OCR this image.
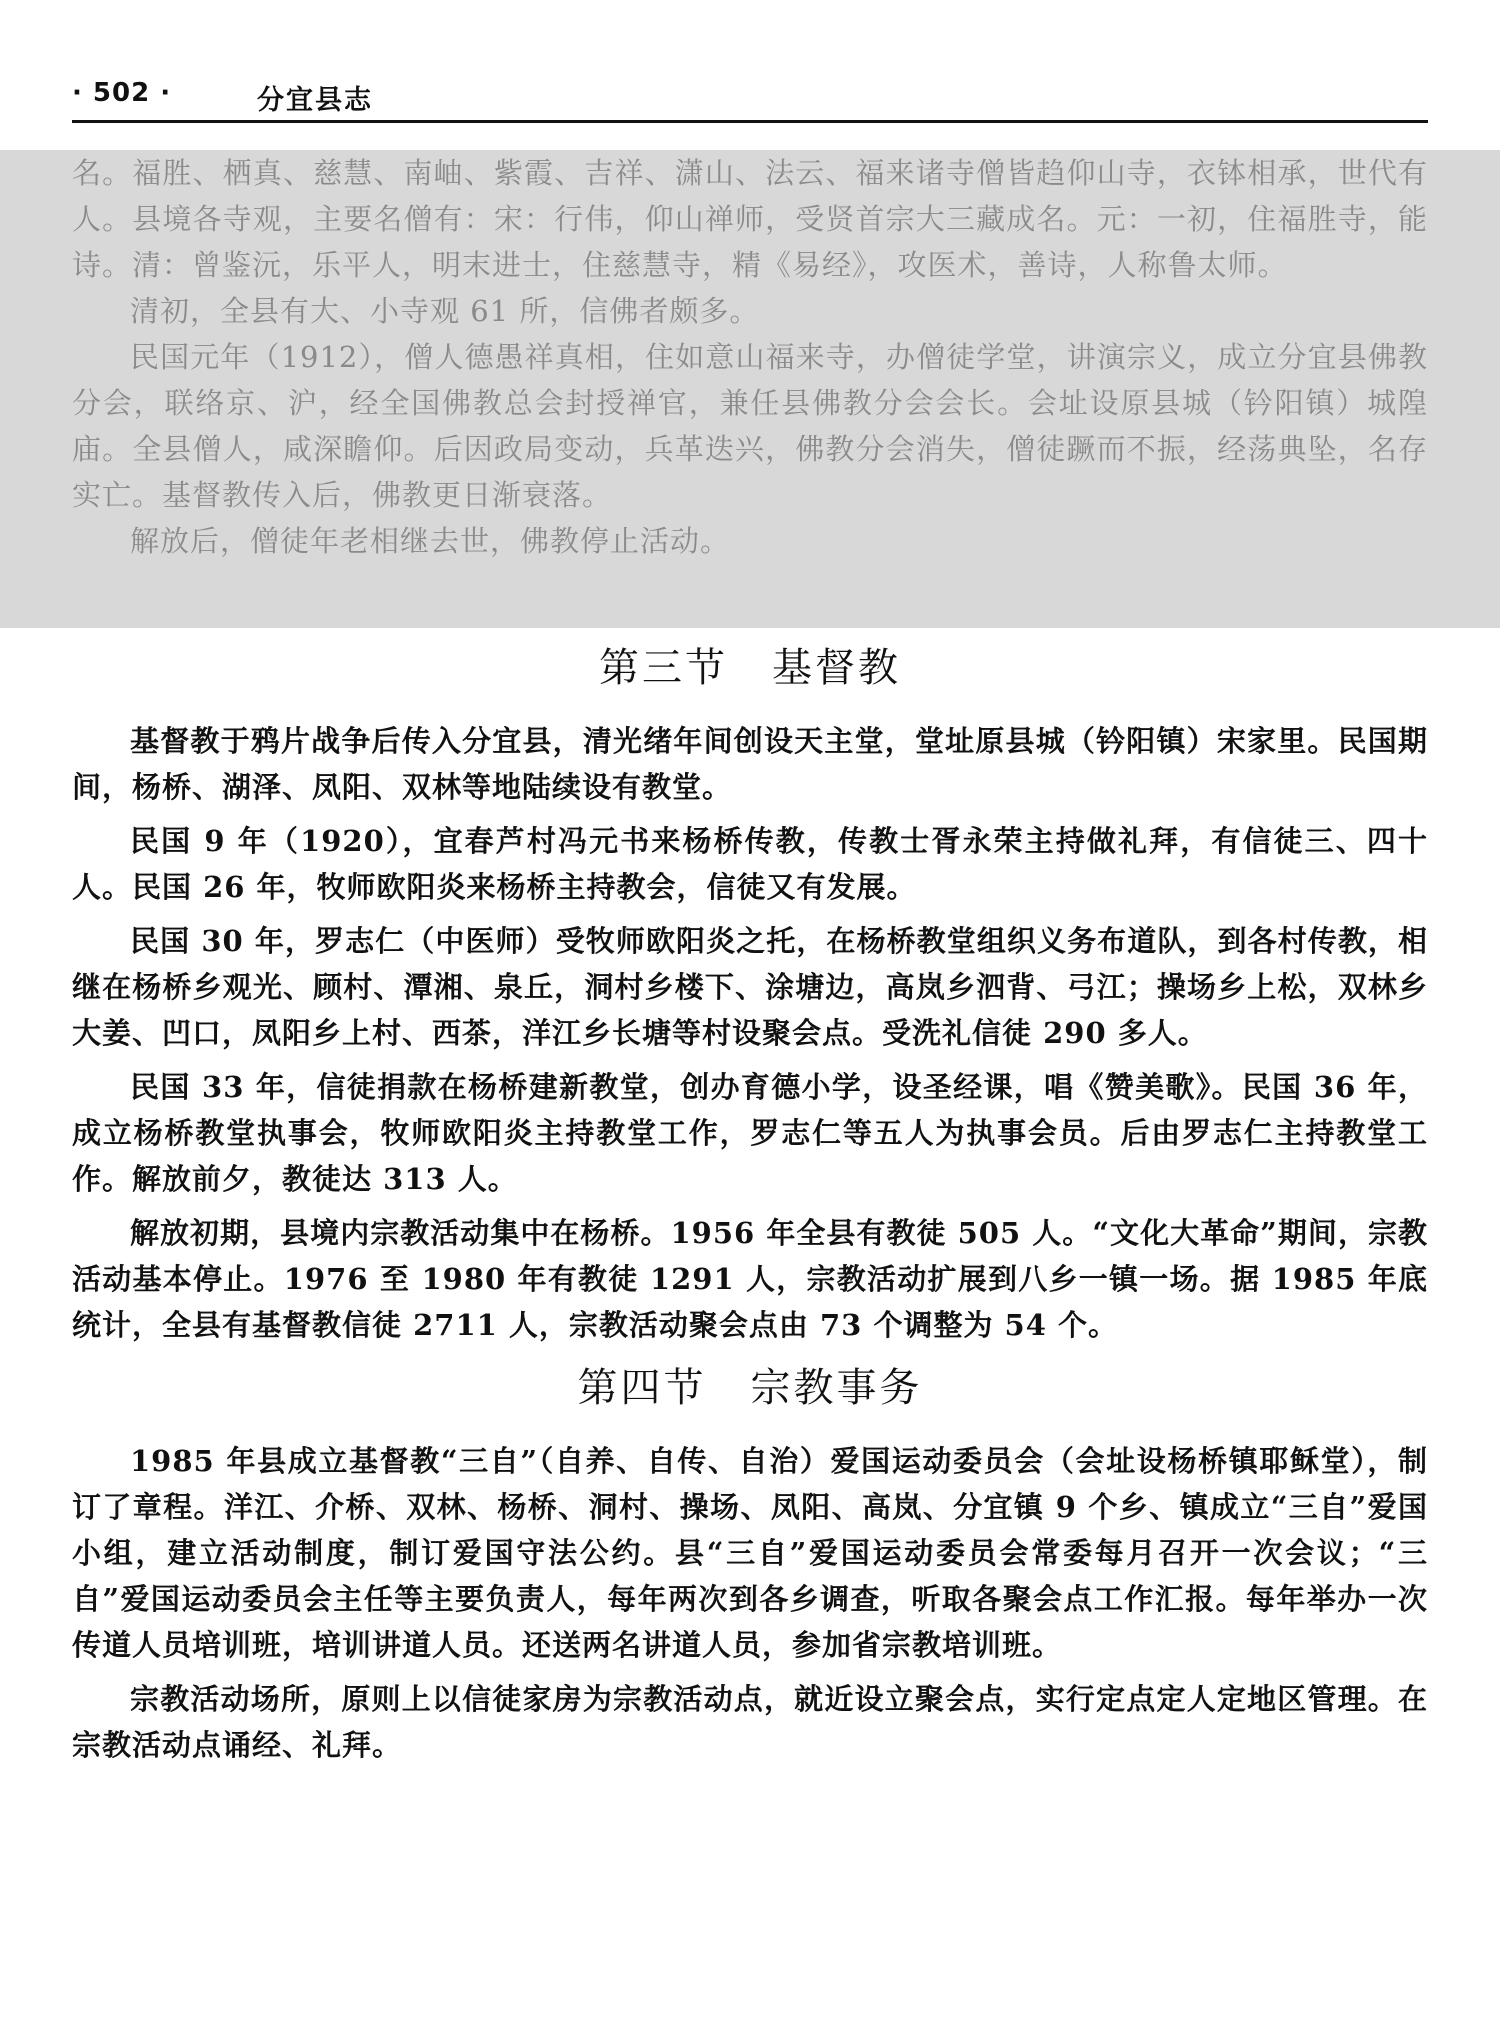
· 502 ·	分宜县志

名。福胜、栖真、慈慧、南岫、紫霞、吉祥、潇山、法云、福来诸寺僧皆趋仰山寺，衣钵相承，世代有人。县境各寺观，主要名僧有：宋：行伟，仰山禅师，受贤首宗大三藏成名。元：一初，住福胜寺，能诗。清：曾鉴沅，乐平人，明末进士，住慈慧寺，精《易经》，攻医术，善诗，人称鲁太师。

清初，全县有大、小寺观 61 所，信佛者颇多。

民国元年（1912），僧人德愚祥真相，住如意山福来寺，办僧徒学堂，讲演宗义，成立分宜县佛教分会，联络京、沪，经全国佛教总会封授禅官，兼任县佛教分会会长。会址设原县城（钤阳镇）城隍庙。全县僧人，咸深瞻仰。后因政局变动，兵革迭兴，佛教分会消失，僧徒蹶而不振，经荡典坠，名存实亡。基督教传入后，佛教更日渐衰落。

解放后，僧徒年老相继去世，佛教停止活动。

第三节 基督教

基督教于鸦片战争后传入分宜县，清光绪年间创设天主堂，堂址原县城（钤阳镇）宋家里。民国期间，杨桥、湖泽、凤阳、双林等地陆续设有教堂。

民国 9 年（1920），宜春芦村冯元书来杨桥传教，传教士胥永荣主持做礼拜，有信徒三、四十人。民国 26 年，牧师欧阳炎来杨桥主持教会，信徒又有发展。

民国 30 年，罗志仁（中医师）受牧师欧阳炎之托，在杨桥教堂组织义务布道队，到各村传教，相继在杨桥乡观光、顾村、潭湘、泉丘，洞村乡楼下、涂塘边，高岚乡泗背、弓江；操场乡上松，双林乡大姜、凹口，凤阳乡上村、西茶，洋江乡长塘等村设聚会点。受洗礼信徒 290 多人。

民国 33 年，信徒捐款在杨桥建新教堂，创办育德小学，设圣经课，唱《赞美歌》。民国 36 年，成立杨桥教堂执事会，牧师欧阳炎主持教堂工作，罗志仁等五人为执事会员。后由罗志仁主持教堂工作。解放前夕，教徒达 313 人。

解放初期，县境内宗教活动集中在杨桥。1956 年全县有教徒 505 人。“文化大革命”期间，宗教活动基本停止。1976 至 1980 年有教徒 1291 人，宗教活动扩展到八乡一镇一场。据 1985 年底统计，全县有基督教信徒 2711 人，宗教活动聚会点由 73 个调整为 54 个。

第四节 宗教事务

1985 年县成立基督教“三自”（自养、自传、自治）爱国运动委员会（会址设杨桥镇耶稣堂），制订了章程。洋江、介桥、双林、杨桥、洞村、操场、凤阳、高岚、分宜镇 9 个乡、镇成立“三自”爱国小组，建立活动制度，制订爱国守法公约。县“三自”爱国运动委员会常委每月召开一次会议；“三自”爱国运动委员会主任等主要负责人，每年两次到各乡调查，听取各聚会点工作汇报。每年举办一次传道人员培训班，培训讲道人员。还送两名讲道人员，参加省宗教培训班。

宗教活动场所，原则上以信徒家房为宗教活动点，就近设立聚会点，实行定点定人定地区管理。在宗教活动点诵经、礼拜。
